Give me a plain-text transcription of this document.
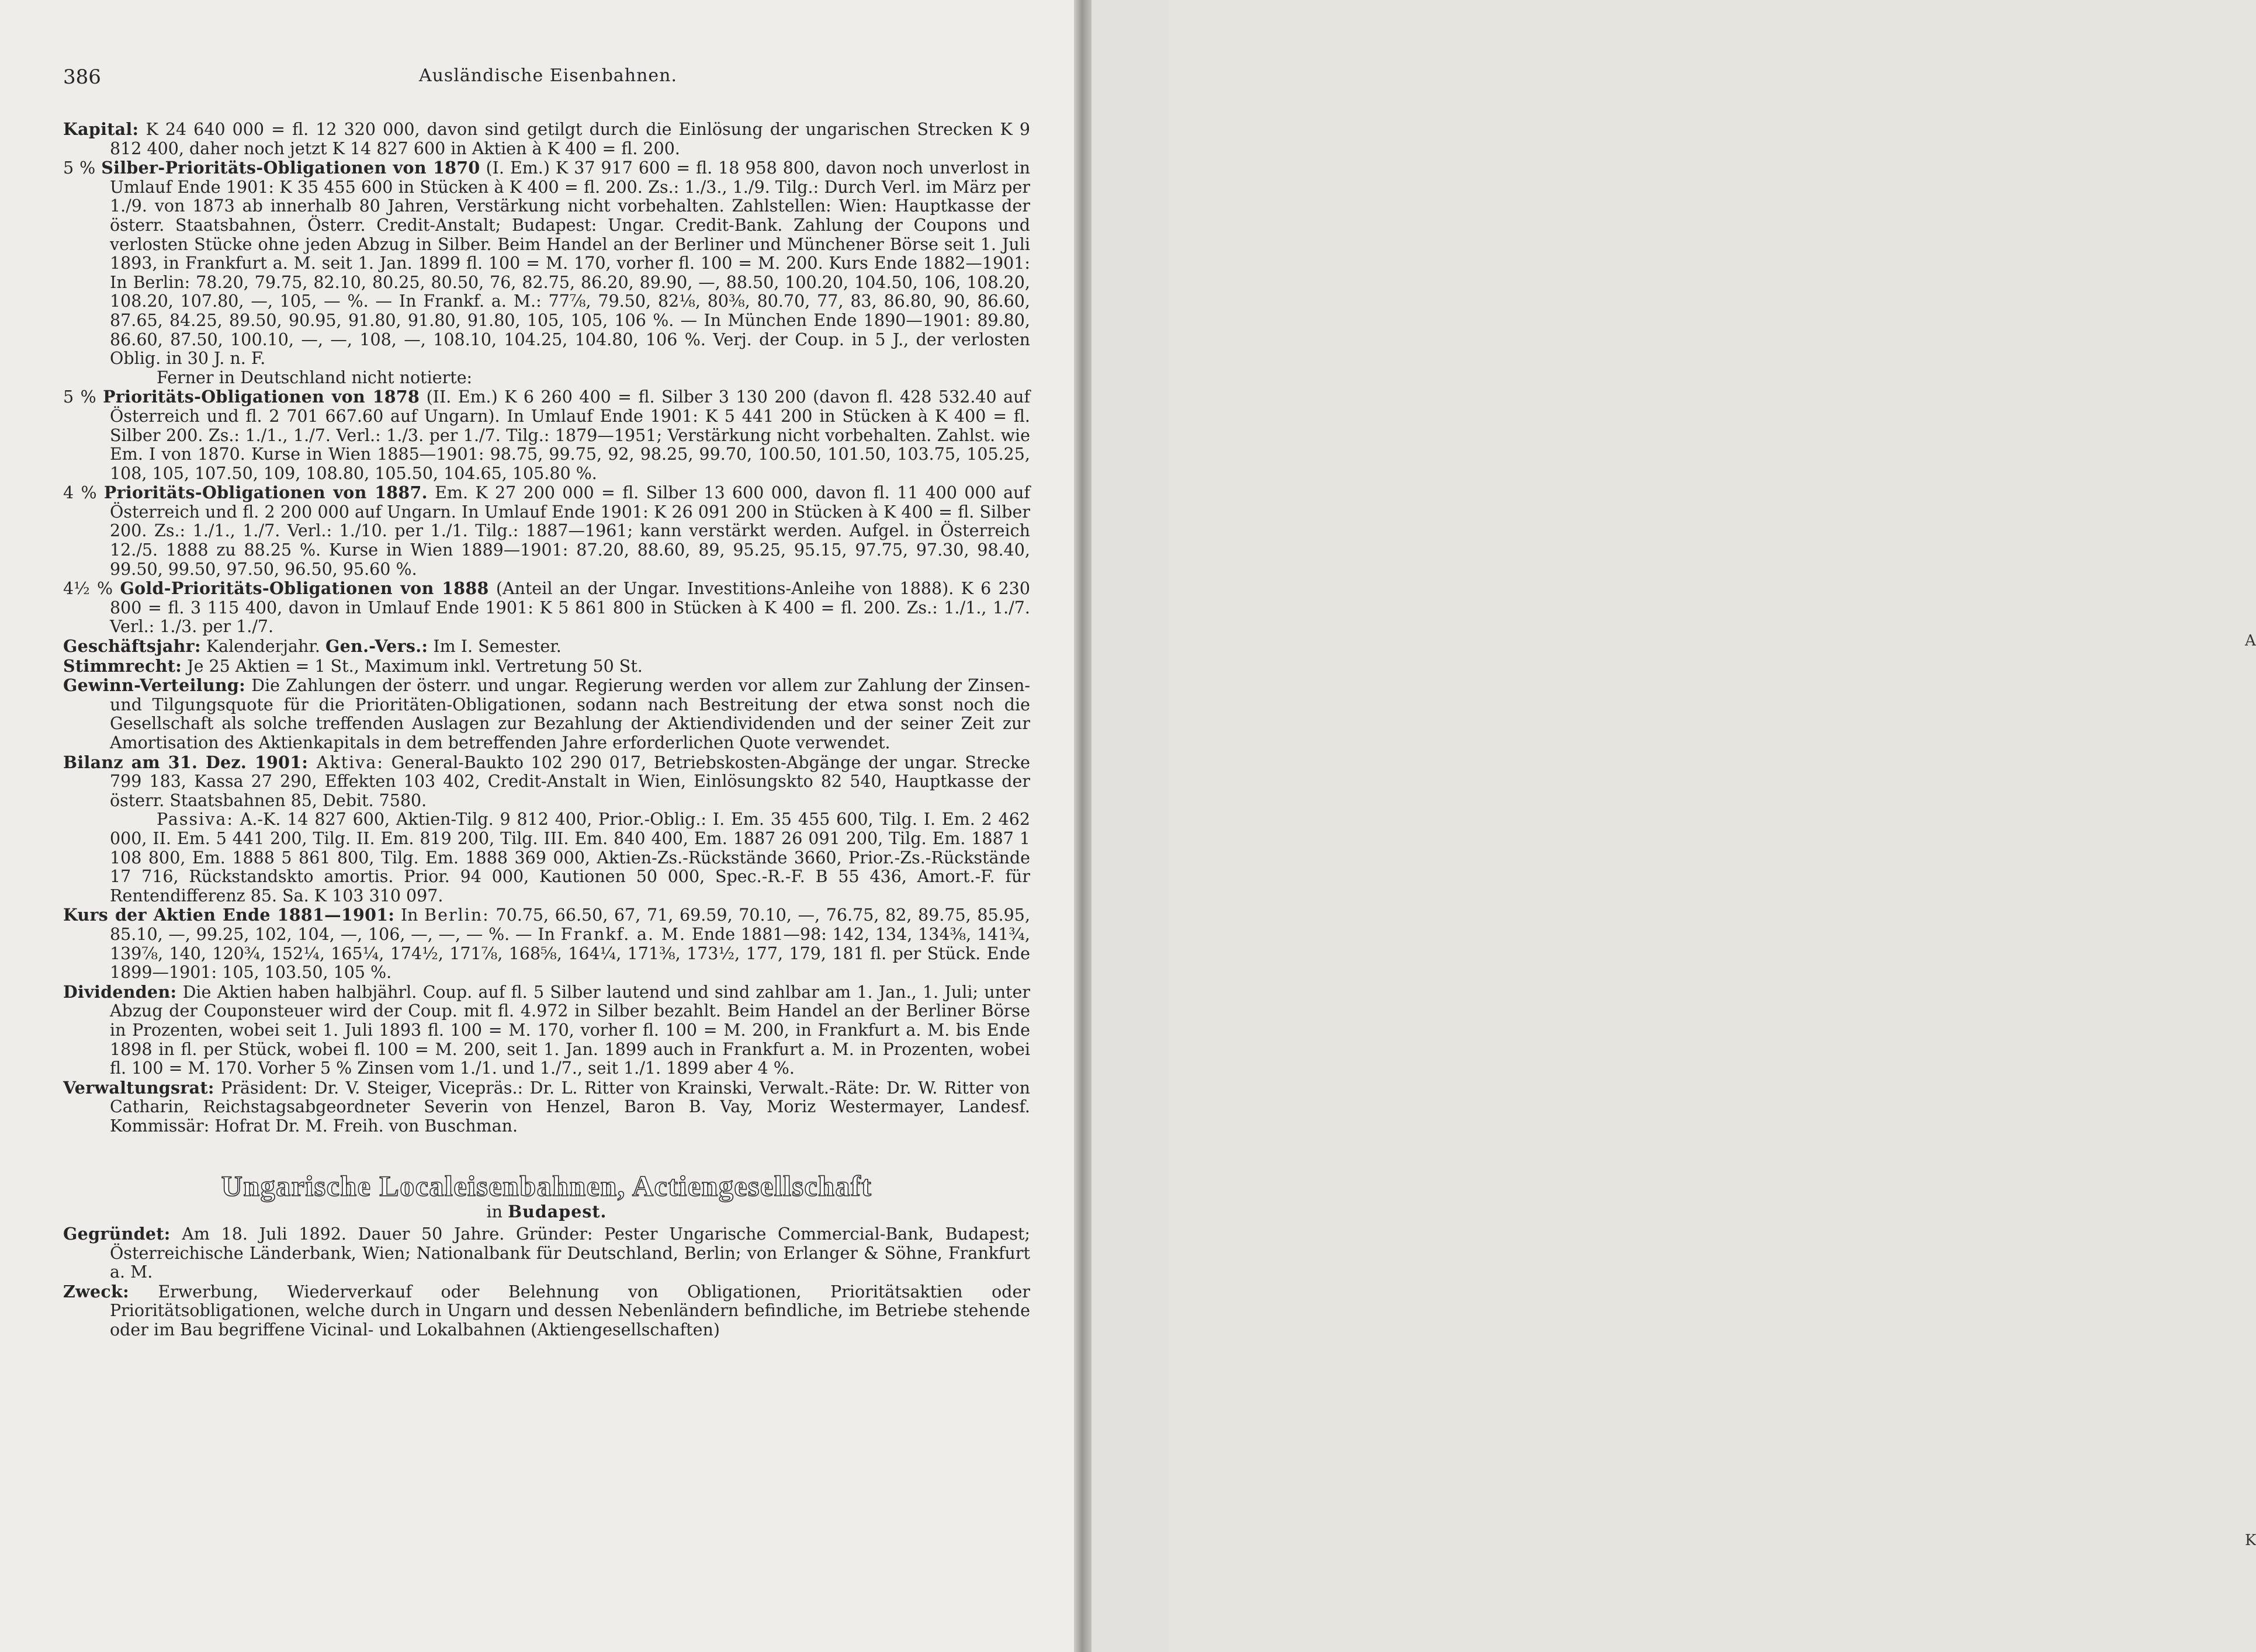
386	Ausländische Eisenbahnen.

Kapital: K 24 640 000 = fl. 12 320 000, davon sind getilgt durch die Einlösung der ungarischen Strecken K 9 812 400, daher noch jetzt K 14 827 600 in Aktien à K 400 = fl. 200.

5 % Silber-Prioritäts-Obligationen von 1870 (I. Em.) K 37 917 600 = fl. 18 958 800, davon noch unverlost in Umlauf Ende 1901: K 35 455 600 in Stücken à K 400 = fl. 200. Zs.: 1./3., 1./9. Tilg.: Durch Verl. im März per 1./9. von 1873 ab innerhalb 80 Jahren, Verstärkung nicht vorbehalten. Zahlstellen: Wien: Hauptkasse der österr. Staatsbahnen, Österr. Credit-Anstalt; Budapest: Ungar. Credit-Bank. Zahlung der Coupons und verlosten Stücke ohne jeden Abzug in Silber. Beim Handel an der Berliner und Münchener Börse seit 1. Juli 1893, in Frankfurt a. M. seit 1. Jan. 1899 fl. 100 = M. 170, vorher fl. 100 = M. 200. Kurs Ende 1882—1901: In Berlin: 78.20, 79.75, 82.10, 80.25, 80.50, 76, 82.75, 86.20, 89.90, —, 88.50, 100.20, 104.50, 106, 108.20, 108.20, 107.80, —, 105, — %. — In Frankf. a. M.: 77⅞, 79.50, 82⅛, 80⅜, 80.70, 77, 83, 86.80, 90, 86.60, 87.65, 84.25, 89.50, 90.95, 91.80, 91.80, 91.80, 105, 105, 106 %. — In München Ende 1890—1901: 89.80, 86.60, 87.50, 100.10, —, —, 108, —, 108.10, 104.25, 104.80, 106 %. Verj. der Coup. in 5 J., der verlosten Oblig. in 30 J. n. F.

Ferner in Deutschland nicht notierte:

5 % Prioritäts-Obligationen von 1878 (II. Em.) K 6 260 400 = fl. Silber 3 130 200 (davon fl. 428 532.40 auf Österreich und fl. 2 701 667.60 auf Ungarn). In Umlauf Ende 1901: K 5 441 200 in Stücken à K 400 = fl. Silber 200. Zs.: 1./1., 1./7. Verl.: 1./3. per 1./7. Tilg.: 1879—1951; Verstärkung nicht vorbehalten. Zahlst. wie Em. I von 1870. Kurse in Wien 1885—1901: 98.75, 99.75, 92, 98.25, 99.70, 100.50, 101.50, 103.75, 105.25, 108, 105, 107.50, 109, 108.80, 105.50, 104.65, 105.80 %.

4 % Prioritäts-Obligationen von 1887. Em. K 27 200 000 = fl. Silber 13 600 000, davon fl. 11 400 000 auf Österreich und fl. 2 200 000 auf Ungarn. In Umlauf Ende 1901: K 26 091 200 in Stücken à K 400 = fl. Silber 200. Zs.: 1./1., 1./7. Verl.: 1./10. per 1./1. Tilg.: 1887—1961; kann verstärkt werden. Aufgel. in Österreich 12./5. 1888 zu 88.25 %. Kurse in Wien 1889—1901: 87.20, 88.60, 89, 95.25, 95.15, 97.75, 97.30, 98.40, 99.50, 99.50, 97.50, 96.50, 95.60 %.

4½ % Gold-Prioritäts-Obligationen von 1888 (Anteil an der Ungar. Investitions-Anleihe von 1888). K 6 230 800 = fl. 3 115 400, davon in Umlauf Ende 1901: K 5 861 800 in Stücken à K 400 = fl. 200. Zs.: 1./1., 1./7. Verl.: 1./3. per 1./7.

Geschäftsjahr: Kalenderjahr. Gen.-Vers.: Im I. Semester.

Stimmrecht: Je 25 Aktien = 1 St., Maximum inkl. Vertretung 50 St.

Gewinn-Verteilung: Die Zahlungen der österr. und ungar. Regierung werden vor allem zur Zahlung der Zinsen- und Tilgungsquote für die Prioritäten-Obligationen, sodann nach Bestreitung der etwa sonst noch die Gesellschaft als solche treffenden Auslagen zur Bezahlung der Aktiendividenden und der seiner Zeit zur Amortisation des Aktienkapitals in dem betreffenden Jahre erforderlichen Quote verwendet.

Bilanz am 31. Dez. 1901: Aktiva: General-Baukto 102 290 017, Betriebskosten-Abgänge der ungar. Strecke 799 183, Kassa 27 290, Effekten 103 402, Credit-Anstalt in Wien, Einlösungskto 82 540, Hauptkasse der österr. Staatsbahnen 85, Debit. 7580.

Passiva: A.-K. 14 827 600, Aktien-Tilg. 9 812 400, Prior.-Oblig.: I. Em. 35 455 600, Tilg. I. Em. 2 462 000, II. Em. 5 441 200, Tilg. II. Em. 819 200, Tilg. III. Em. 840 400, Em. 1887 26 091 200, Tilg. Em. 1887 1 108 800, Em. 1888 5 861 800, Tilg. Em. 1888 369 000, Aktien-Zs.-Rückstände 3660, Prior.-Zs.-Rückstände 17 716, Rückstandskto amortis. Prior. 94 000, Kautionen 50 000, Spec.-R.-F. B 55 436, Amort.-F. für Rentendifferenz 85. Sa. K 103 310 097.

Kurs der Aktien Ende 1881—1901: In Berlin: 70.75, 66.50, 67, 71, 69.59, 70.10, —, 76.75, 82, 89.75, 85.95, 85.10, —, 99.25, 102, 104, —, 106, —, —, — %. — In Frankf. a. M. Ende 1881—98: 142, 134, 134⅜, 141¾, 139⅞, 140, 120¾, 152¼, 165¼, 174½, 171⅞, 168⅝, 164¼, 171⅜, 173½, 177, 179, 181 fl. per Stück. Ende 1899—1901: 105, 103.50, 105 %.

Dividenden: Die Aktien haben halbjährl. Coup. auf fl. 5 Silber lautend und sind zahlbar am 1. Jan., 1. Juli; unter Abzug der Couponsteuer wird der Coup. mit fl. 4.972 in Silber bezahlt. Beim Handel an der Berliner Börse in Prozenten, wobei seit 1. Juli 1893 fl. 100 = M. 170, vorher fl. 100 = M. 200, in Frankfurt a. M. bis Ende 1898 in fl. per Stück, wobei fl. 100 = M. 200, seit 1. Jan. 1899 auch in Frankfurt a. M. in Prozenten, wobei fl. 100 = M. 170. Vorher 5 % Zinsen vom 1./1. und 1./7., seit 1./1. 1899 aber 4 %.

Verwaltungsrat: Präsident: Dr. V. Steiger, Vicepräs.: Dr. L. Ritter von Krainski, Verwalt.-Räte: Dr. W. Ritter von Catharin, Reichstagsabgeordneter Severin von Henzel, Baron B. Vay, Moriz Westermayer, Landesf. Kommissär: Hofrat Dr. M. Freih. von Buschman.

Ungarische Localeisenbahnen, Actiengesellschaft

in Budapest.

Gegründet: Am 18. Juli 1892. Dauer 50 Jahre. Gründer: Pester Ungarische Commercial-Bank, Budapest; Österreichische Länderbank, Wien; Nationalbank für Deutschland, Berlin; von Erlanger & Söhne, Frankfurt a. M.

Zweck: Erwerbung, Wiederverkauf oder Belehnung von Obligationen, Prioritätsaktien oder Prioritätsobligationen, welche durch in Ungarn und dessen Nebenländern befindliche, im Betriebe stehende oder im Bau begriffene Vicinal- und Lokalbahnen (Aktiengesellschaften)

A
K
